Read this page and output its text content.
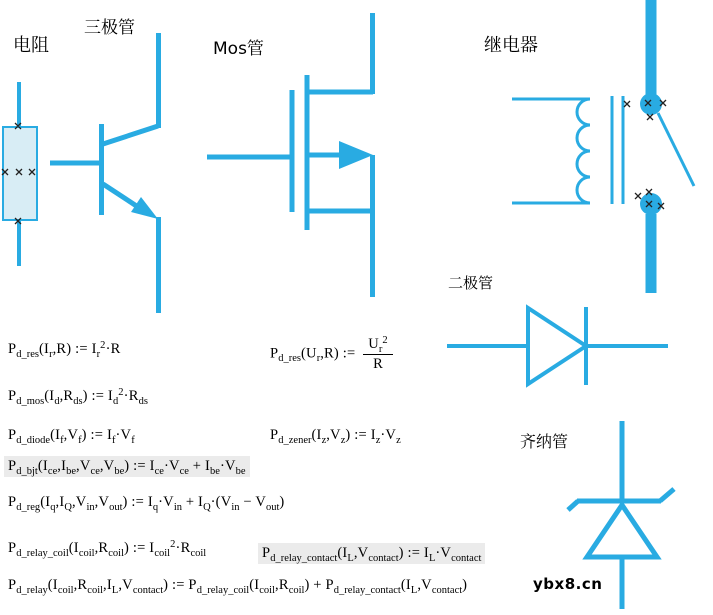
电阻
三极管
Mos管	继电器
二极管
齐纳管
$P_{d\_res}(I_r,R)$ := $I_r^2\cdot R$	$P_{d\_res}(U_r,R)$ := $\frac{U_r^2}{R}$
$P_{d\_mos}(I_d,R_{ds})$ := $I_d^2\cdot R_{ds}$
$P_{d\_diode}(I_f,V_f)$ := $I_f\cdot V_f$	$P_{d\_zener}(I_z,V_z)$ := $I_z\cdot V_z$
$P_{d\_bjt}(I_{ce},I_{be},V_{ce},V_{be})$ := $I_{ce}\cdot V_{ce} + I_{be}\cdot V_{be}$
$P_{d\_reg}(I_q,I_Q,V_{in},V_{out})$ := $I_q\cdot V_{in} + I_Q\cdot(V_{in} - V_{out})$
$P_{d\_relay\_coil}(I_{coil},R_{coil})$ := $I_{coil}^2\cdot R_{coil}$	$P_{d\_relay\_contact}(I_L,V_{contact})$ := $I_L\cdot V_{contact}$
$P_{d\_relay}(I_{coil},R_{coil},I_L,V_{contact})$ := $P_{d\_relay\_coil}(I_{coil},R_{coil}) + P_{d\_relay\_contact}(I_L,V_{contact})$	ybx8.cn
